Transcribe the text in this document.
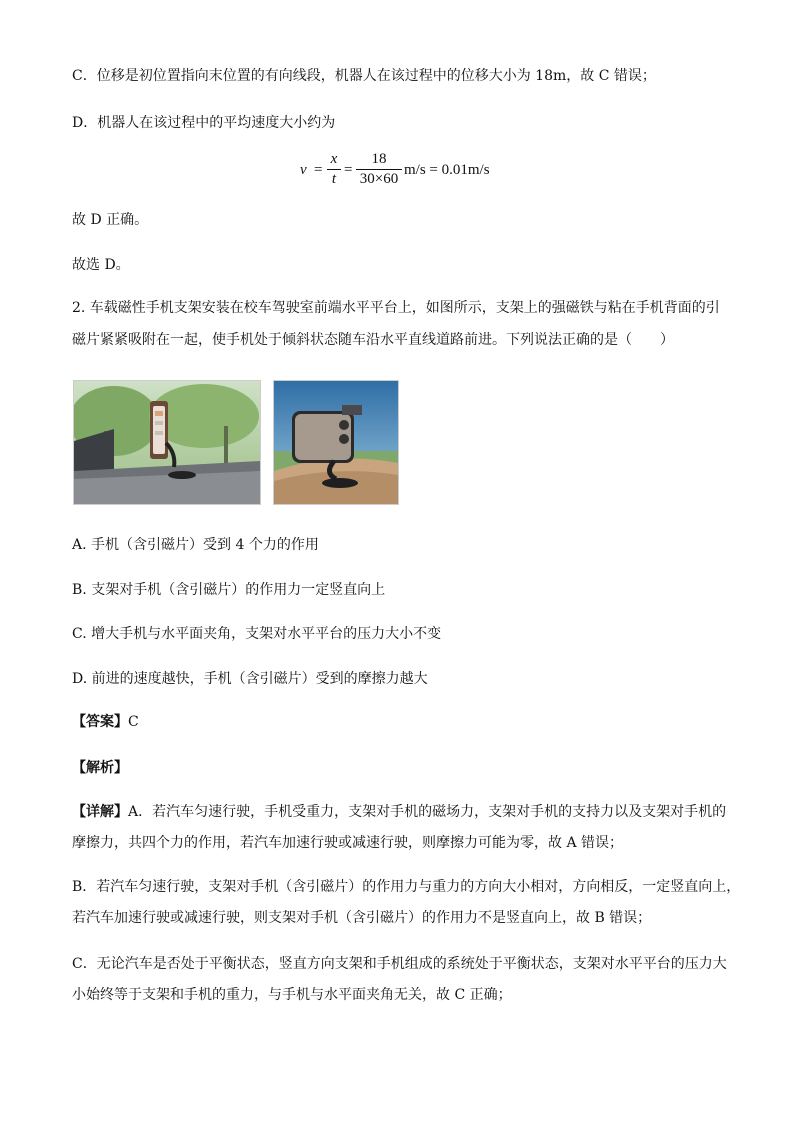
C．位移是初位置指向末位置的有向线段，机器人在该过程中的位移大小为 18m，故 C 错误；
D．机器人在该过程中的平均速度大小约为
v =
x
t
=
18
30×60
m/s = 0.01m/s
故 D 正确。
故选 D。
2. 车载磁性手机支架安装在校车驾驶室前端水平平台上，如图所示，支架上的强磁铁与粘在手机背面的引
磁片紧紧吸附在一起，使手机处于倾斜状态随车沿水平直线道路前进。下列说法正确的是（　　）
A. 手机（含引磁片）受到 4 个力的作用
B. 支架对手机（含引磁片）的作用力一定竖直向上
C. 增大手机与水平面夹角，支架对水平平台的压力大小不变
D. 前进的速度越快，手机（含引磁片）受到的摩擦力越大
【答案】C
【解析】
【详解】A．若汽车匀速行驶，手机受重力，支架对手机的磁场力，支架对手机的支持力以及支架对手机的
摩擦力，共四个力的作用，若汽车加速行驶或减速行驶，则摩擦力可能为零，故 A 错误；
B．若汽车匀速行驶，支架对手机（含引磁片）的作用力与重力的方向大小相对，方向相反，一定竖直向上，
若汽车加速行驶或减速行驶，则支架对手机（含引磁片）的作用力不是竖直向上，故 B 错误；
C．无论汽车是否处于平衡状态，竖直方向支架和手机组成的系统处于平衡状态，支架对水平平台的压力大
小始终等于支架和手机的重力，与手机与水平面夹角无关，故 C 正确；
